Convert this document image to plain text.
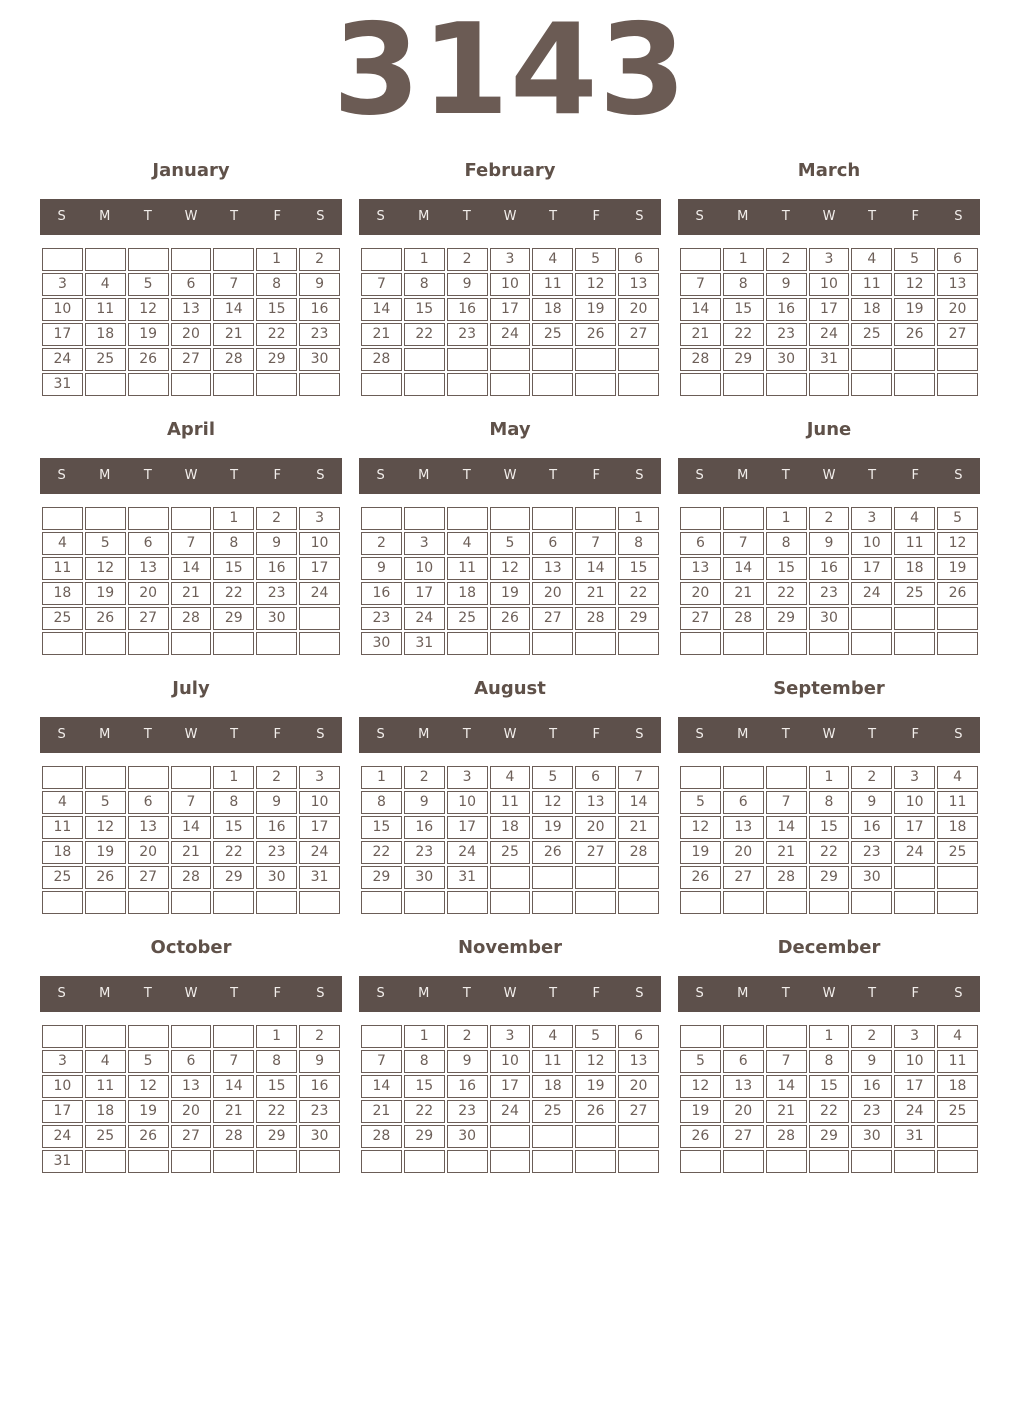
3143
January
S	M	T	W	T	F	S
					1	2
3	4	5	6	7	8	9
10	11	12	13	14	15	16
17	18	19	20	21	22	23
24	25	26	27	28	29	30
31						
February
S	M	T	W	T	F	S
	1	2	3	4	5	6
7	8	9	10	11	12	13
14	15	16	17	18	19	20
21	22	23	24	25	26	27
28						

March
S	M	T	W	T	F	S
	1	2	3	4	5	6
7	8	9	10	11	12	13
14	15	16	17	18	19	20
21	22	23	24	25	26	27
28	29	30	31			

April
S	M	T	W	T	F	S
				1	2	3
4	5	6	7	8	9	10
11	12	13	14	15	16	17
18	19	20	21	22	23	24
25	26	27	28	29	30	

May
S	M	T	W	T	F	S
						1
2	3	4	5	6	7	8
9	10	11	12	13	14	15
16	17	18	19	20	21	22
23	24	25	26	27	28	29
30	31					
June
S	M	T	W	T	F	S
		1	2	3	4	5
6	7	8	9	10	11	12
13	14	15	16	17	18	19
20	21	22	23	24	25	26
27	28	29	30			

July
S	M	T	W	T	F	S
				1	2	3
4	5	6	7	8	9	10
11	12	13	14	15	16	17
18	19	20	21	22	23	24
25	26	27	28	29	30	31

August
S	M	T	W	T	F	S
1	2	3	4	5	6	7
8	9	10	11	12	13	14
15	16	17	18	19	20	21
22	23	24	25	26	27	28
29	30	31				

September
S	M	T	W	T	F	S
			1	2	3	4
5	6	7	8	9	10	11
12	13	14	15	16	17	18
19	20	21	22	23	24	25
26	27	28	29	30		

October
S	M	T	W	T	F	S
					1	2
3	4	5	6	7	8	9
10	11	12	13	14	15	16
17	18	19	20	21	22	23
24	25	26	27	28	29	30
31						
November
S	M	T	W	T	F	S
	1	2	3	4	5	6
7	8	9	10	11	12	13
14	15	16	17	18	19	20
21	22	23	24	25	26	27
28	29	30				

December
S	M	T	W	T	F	S
			1	2	3	4
5	6	7	8	9	10	11
12	13	14	15	16	17	18
19	20	21	22	23	24	25
26	27	28	29	30	31	
